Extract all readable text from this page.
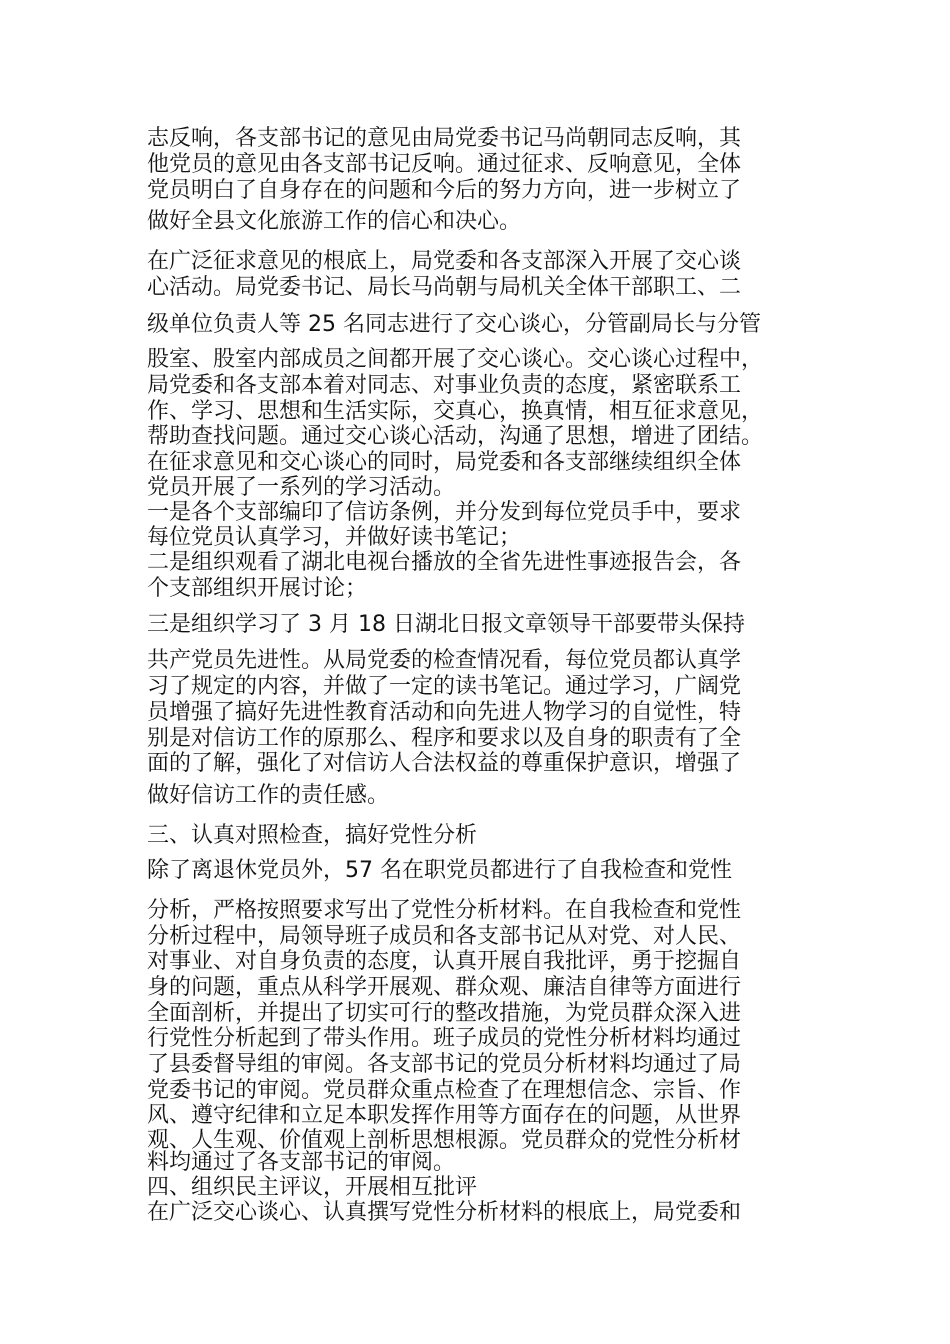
志反响，各支部书记的意见由局党委书记马尚朝同志反响，其
他党员的意见由各支部书记反响。通过征求、反响意见，全体
党员明白了自身存在的问题和今后的努力方向，进一步树立了
做好全县文化旅游工作的信心和决心。
在广泛征求意见的根底上，局党委和各支部深入开展了交心谈
心活动。局党委书记、局长马尚朝与局机关全体干部职工、二
级单位负责人等 25 名同志进行了交心谈心，分管副局长与分管
股室、股室内部成员之间都开展了交心谈心。交心谈心过程中，
局党委和各支部本着对同志、对事业负责的态度，紧密联系工
作、学习、思想和生活实际，交真心，换真情，相互征求意见，
帮助查找问题。通过交心谈心活动，沟通了思想，增进了团结。
在征求意见和交心谈心的同时，局党委和各支部继续组织全体
党员开展了一系列的学习活动。
一是各个支部编印了信访条例，并分发到每位党员手中，要求
每位党员认真学习，并做好读书笔记；
二是组织观看了湖北电视台播放的全省先进性事迹报告会，各
个支部组织开展讨论；
三是组织学习了 3 月 18 日湖北日报文章领导干部要带头保持
共产党员先进性。从局党委的检查情况看，每位党员都认真学
习了规定的内容，并做了一定的读书笔记。通过学习，广阔党
员增强了搞好先进性教育活动和向先进人物学习的自觉性，特
别是对信访工作的原那么、程序和要求以及自身的职责有了全
面的了解，强化了对信访人合法权益的尊重保护意识，增强了
做好信访工作的责任感。
三、认真对照检查，搞好党性分析
除了离退休党员外，57 名在职党员都进行了自我检查和党性
分析，严格按照要求写出了党性分析材料。在自我检查和党性
分析过程中，局领导班子成员和各支部书记从对党、对人民、
对事业、对自身负责的态度，认真开展自我批评，勇于挖掘自
身的问题，重点从科学开展观、群众观、廉洁自律等方面进行
全面剖析，并提出了切实可行的整改措施，为党员群众深入进
行党性分析起到了带头作用。班子成员的党性分析材料均通过
了县委督导组的审阅。各支部书记的党员分析材料均通过了局
党委书记的审阅。党员群众重点检查了在理想信念、宗旨、作
风、遵守纪律和立足本职发挥作用等方面存在的问题，从世界
观、人生观、价值观上剖析思想根源。党员群众的党性分析材
料均通过了各支部书记的审阅。
四、组织民主评议，开展相互批评
在广泛交心谈心、认真撰写党性分析材料的根底上，局党委和
